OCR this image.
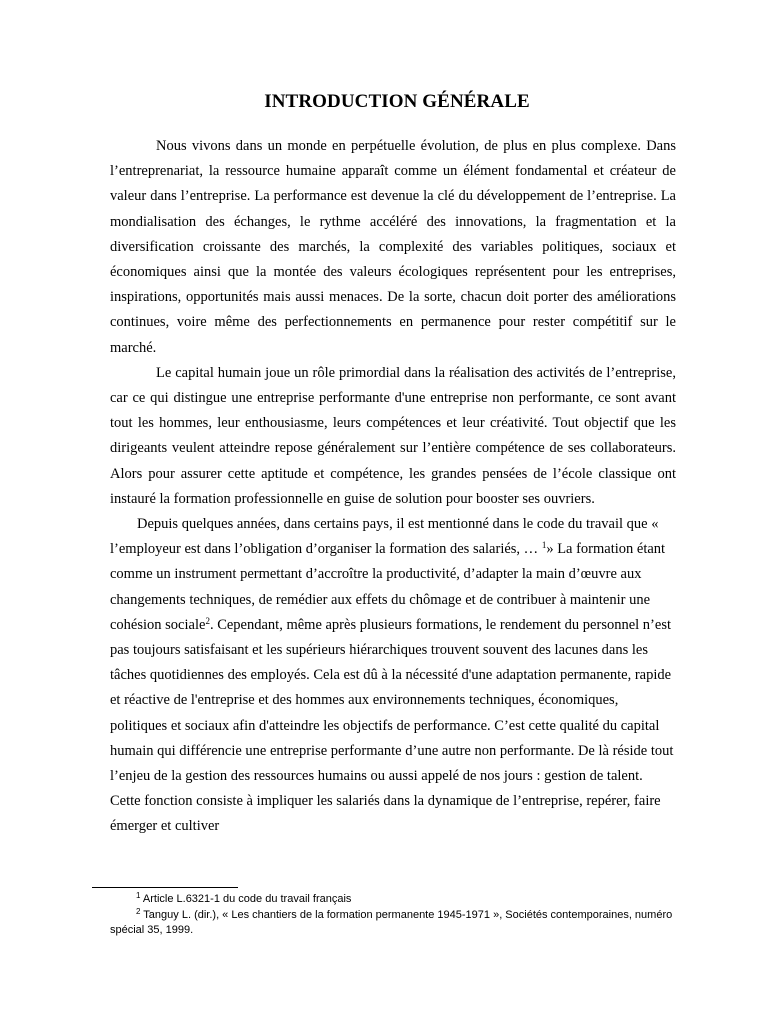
INTRODUCTION GÉNÉRALE

Nous vivons dans un monde en perpétuelle évolution, de plus en plus complexe. Dans l’entreprenariat, la ressource humaine apparaît comme un élément fondamental et créateur de valeur dans l’entreprise. La performance est devenue la clé du développement de l’entreprise. La mondialisation des échanges, le rythme accéléré des innovations, la fragmentation et la diversification croissante des marchés, la complexité des variables politiques, sociaux et économiques ainsi que la montée des valeurs écologiques représentent pour les entreprises, inspirations, opportunités mais aussi menaces. De la sorte, chacun doit porter des améliorations continues, voire même des perfectionnements en permanence pour rester compétitif sur le marché.

Le capital humain joue un rôle primordial dans la réalisation des activités de l’entreprise, car ce qui distingue une entreprise performante d'une entreprise non performante, ce sont avant tout les hommes, leur enthousiasme, leurs compétences et leur créativité. Tout objectif que les dirigeants veulent atteindre repose généralement sur l’entière compétence de ses collaborateurs. Alors pour assurer cette aptitude et compétence, les grandes pensées de l’école classique ont instauré la formation professionnelle en guise de solution pour booster ses ouvriers.

Depuis quelques années, dans certains pays, il est mentionné dans le code du travail que « l’employeur est dans l’obligation d’organiser la formation des salariés, … $^1$» La formation étant comme un instrument permettant d’accroître la productivité, d’adapter la main d’œuvre aux changements techniques, de remédier aux effets du chômage et de contribuer à maintenir une cohésion sociale$^2$. Cependant, même après plusieurs formations, le rendement du personnel n’est pas toujours satisfaisant et les supérieurs hiérarchiques trouvent souvent des lacunes dans les tâches quotidiennes des employés. Cela est dû à la nécessité d'une adaptation permanente, rapide et réactive de l'entreprise et des hommes aux environnements techniques, économiques, politiques et sociaux afin d'atteindre les objectifs de performance. C’est cette qualité du capital humain qui différencie une entreprise performante d’une autre non performante. De là réside tout l’enjeu de la gestion des ressources humains ou aussi appelé de nos jours : gestion de talent. Cette fonction consiste à impliquer les salariés dans la dynamique de l’entreprise, repérer, faire émerger et cultiver

$^1$ Article L.6321-1 du code du travail français

$^2$ Tanguy L. (dir.), « Les chantiers de la formation permanente 1945-1971 », Sociétés contemporaines, numéro spécial 35, 1999.
